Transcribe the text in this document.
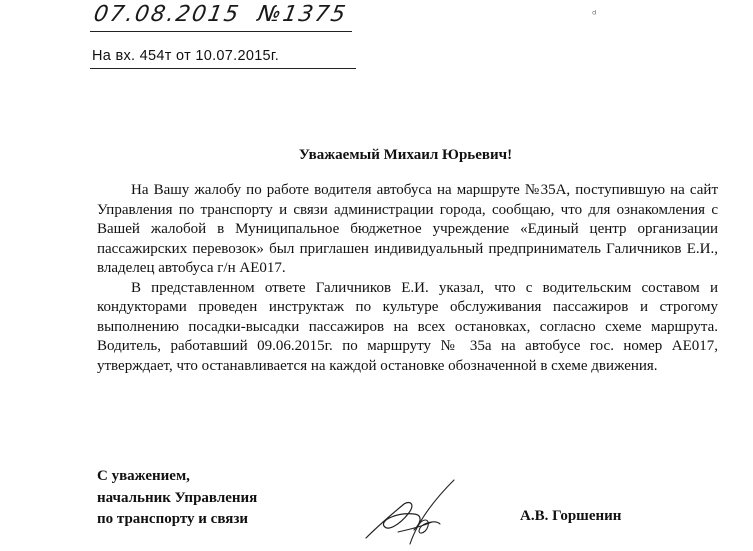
07.08.2015 №1375	ᵈ
На вх. 454т от 10.07.2015г.
Уважаемый Михаил Юрьевич!

На Вашу жалобу по работе водителя автобуса на маршруте №35А, поступившую на сайт Управления по транспорту и связи администрации города, сообщаю, что для ознакомления с Вашей жалобой в Муниципальное бюджетное учреждение «Единый центр организации пассажирских перевозок» был приглашен индивидуальный предприниматель Галичников Е.И., владелец автобуса г/н АЕ017.

В представленном ответе Галичников Е.И. указал, что с водительским составом и кондукторами проведен инструктаж по культуре обслуживания пассажиров и строгому выполнению посадки-высадки пассажиров на всех остановках, согласно схеме маршрута. Водитель, работавший 09.06.2015г. по маршруту № 35а на автобусе гос. номер АЕ017, утверждает, что останавливается на каждой остановке обозначенной в схеме движения.

С уважением,
начальник Управления
по транспорту и связи	А.В. Горшенин
